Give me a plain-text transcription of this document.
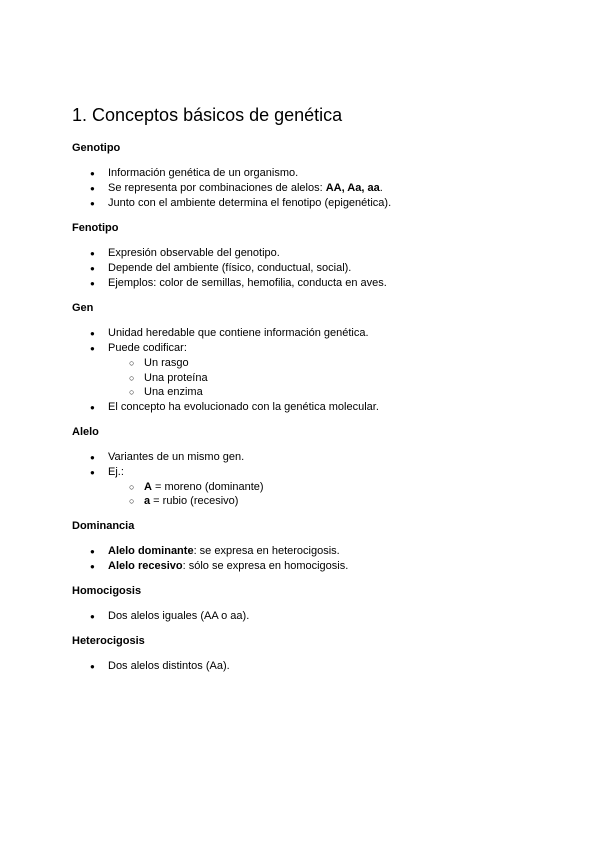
1. Conceptos básicos de genética
Genotipo
● Información genética de un organismo.
● Se representa por combinaciones de alelos: AA, Aa, aa.
● Junto con el ambiente determina el fenotipo (epigenética).
Fenotipo
● Expresión observable del genotipo.
● Depende del ambiente (físico, conductual, social).
● Ejemplos: color de semillas, hemofilia, conducta en aves.
Gen
● Unidad heredable que contiene información genética.
● Puede codificar:
○ Un rasgo
○ Una proteína
○ Una enzima
● El concepto ha evolucionado con la genética molecular.
Alelo
● Variantes de un mismo gen.
● Ej.:
○ A = moreno (dominante)
○ a = rubio (recesivo)
Dominancia
● Alelo dominante: se expresa en heterocigosis.
● Alelo recesivo: sólo se expresa en homocigosis.
Homocigosis
● Dos alelos iguales (AA o aa).
Heterocigosis
● Dos alelos distintos (Aa).
